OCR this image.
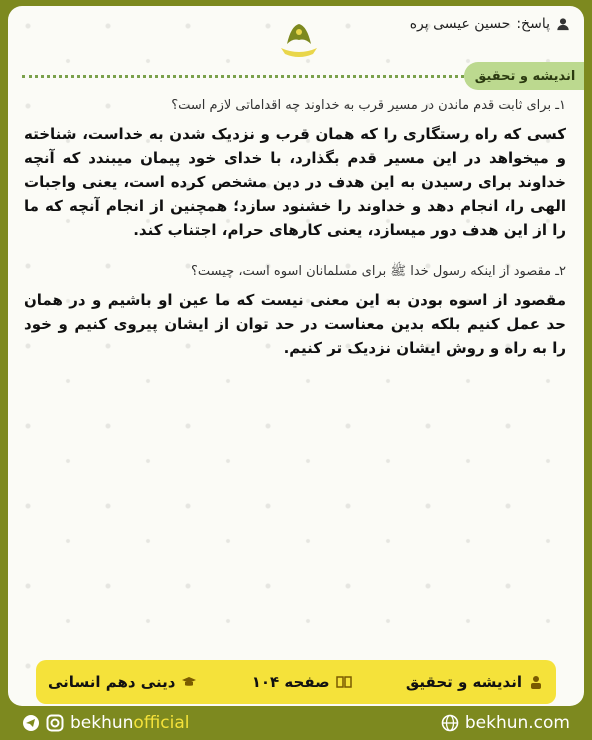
پاسخ:
حسین عیسی پره
اندیشه و تحقیق

۱ـ برای ثابت قدم ماندن در مسیر قرب به خداوند چه اقداماتی لازم است؟

کسی که راه رستگاری را که همان قرب و نزدیک شدن به خداست، شناخته و میخواهد در این مسیر قدم بگذارد، با خدای خود پیمان میبندد که آنچه خداوند برای رسیدن به این هدف در دین مشخص کرده است، یعنی واجبات الهی را، انجام دهد و خداوند را خشنود سازد؛ همچنین از انجام آنچه که ما را از این هدف دور میسازد، یعنی کارهای حرام، اجتناب کند.

۲ـ مقصود از اینکه رسول خدا ﷺ برای مسلمانان اسوه است، چیست؟

مقصود از اسوه بودن به این معنی نیست که ما عین او باشیم و در همان حد عمل کنیم بلکه بدین معناست در حد توان از ایشان پیروی کنیم و خود را به راه و روش ایشان نزدیک تر کنیم.

اندیشه و تحقیق
صفحه ۱۰۴
دینی دهم انسانی
bekhunofficial	bekhun.com
